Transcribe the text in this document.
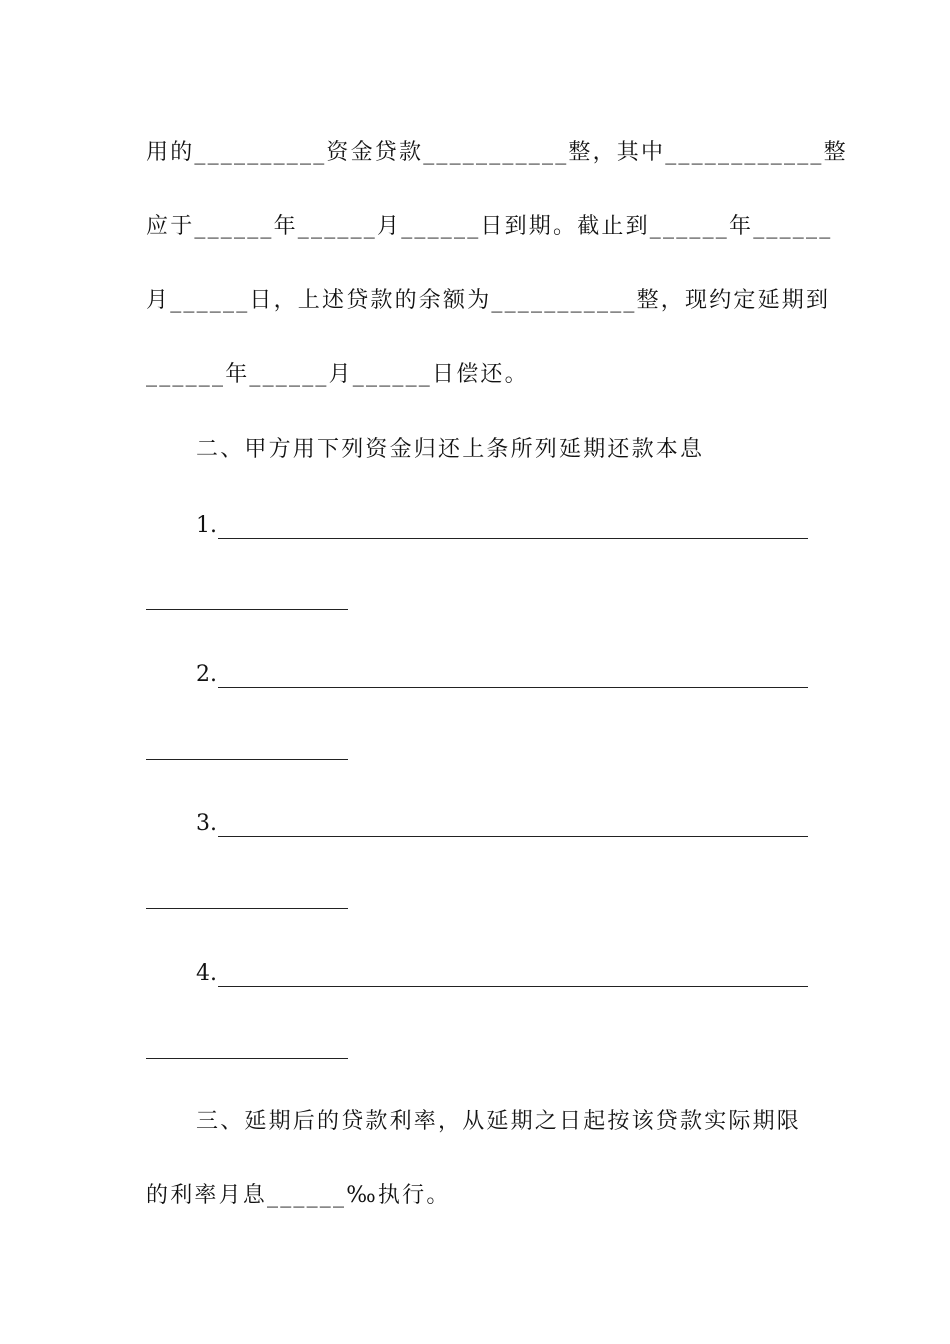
用的__________资金贷款___________整，其中____________整
应于______年______月______日到期。截止到______年______
月______日，上述贷款的余额为___________整，现约定延期到
______年______月______日偿还。
二、甲方用下列资金归还上条所列延期还款本息
1.
2.
3.
4.
三、延期后的贷款利率，从延期之日起按该贷款实际期限
的利率月息______‰执行。
